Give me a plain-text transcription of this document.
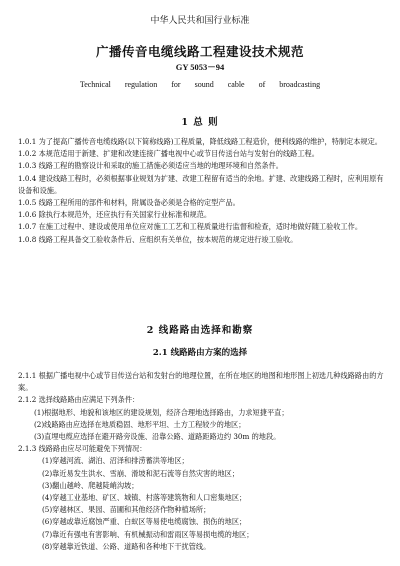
中华人民共和国行业标准
广播传音电缆线路工程建设技术规范
GY 5053－94
Technical regulation for sound cable of broadcasting
1 总 则

1.0.1 为了提高广播传音电缆线路(以下简称线路)工程质量，降低线路工程造价，便利线路的维护，特制定本规定。

1.0.2 本规范适用于新建、扩建和改建连接广播电视中心或节目传送台站与发射台的线路工程。

1.0.3 线路工程的勘察设计和采取的施工措施必须适应当地的地理环境和自然条件。

1.0.4 建设线路工程时，必须根据事业规划为扩建、改建工程留有适当的余地。扩建、改建线路工程时，应利用原有设备和设施。

1.0.5 线路工程所用的部件和材料，附属设备必须是合格的定型产品。

1.0.6 除执行本规范外，还应执行有关国家行业标准和规范。

1.0.7 在施工过程中、建设或使用单位应对施工工艺和工程质量进行监督和检查，适时地做好随工验收工作。

1.0.8 线路工程具备交工验收条件后、应组织有关单位，按本规范的规定进行竣工验收。

2 线路路由选择和勘察
2.1 线路路由方案的选择

2.1.1 根据广播电视中心或节目传送台站和发射台的地理位置，在所在地区的地图和地形图上初选几种线路路由的方案。

2.1.2 选择线路路由应满足下列条件：

(1)根据地形、地貌和该地区的建设规划，经济合理地选择路由，力求短捷平直；

(2)线路路由应选择在地质稳固、地形平坦、土方工程较少的地区；

(3)直埋电缆应选择在避开路旁设施、沿靠公路、道路距路边约 30m 的地段。

2.1.3 线路路由应尽可能避免下列情况：

(1)穿越河流、湖泊、沼泽和排涝蓄洪等地区；

(2)靠近易发生洪水、雪崩、滑坡和泥石流等自然灾害的地区；

(3)翻山越岭、爬越陡峭沟坡；

(4)穿越工业基地、矿区、城镇、村落等建筑物和人口密集地区；

(5)穿越林区、果园、苗圃和其他经济作物种植场所；

(6)穿越或靠近腐蚀严重、白蚁区等易使电缆腐蚀、损伤的地区；

(7)靠近有强电有害影响、有机械振动和雷雨区等易损电缆的地区；

(8)穿越靠近铁道、公路、道路和各种地下干扰管线。
